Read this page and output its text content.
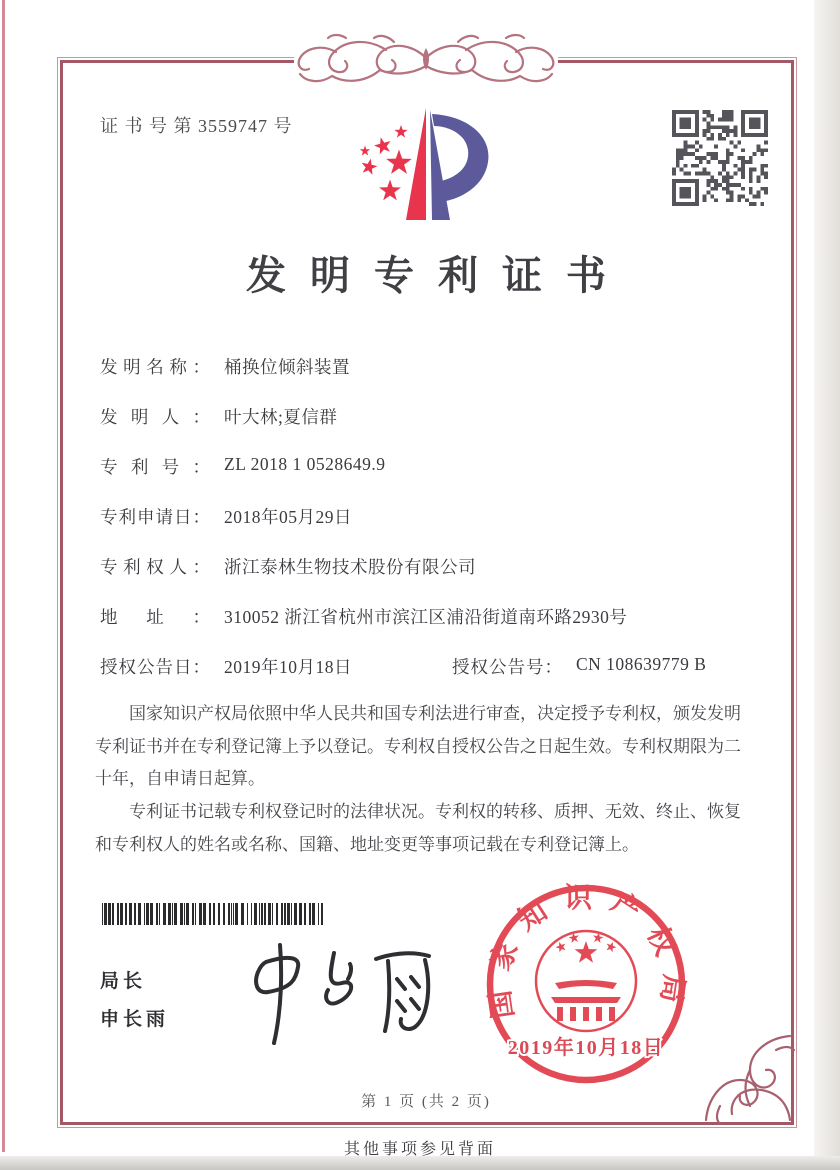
证 书 号 第 3559747 号
发明专利证书
发明名称： 桶换位倾斜装置
发明人： 叶大林;夏信群
专利号： ZL 2018 1 0528649.9
专利申请日： 2018年05月29日
专利权人： 浙江泰林生物技术股份有限公司
地址： 310052 浙江省杭州市滨江区浦沿街道南环路2930号
授权公告日： 2019年10月18日	授权公告号： CN 108639779 B

国家知识产权局依照中华人民共和国专利法进行审查，决定授予专利权，颁发发明专利证书并在专利登记簿上予以登记。专利权自授权公告之日起生效。专利权期限为二十年，自申请日起算。

专利证书记载专利权登记时的法律状况。专利权的转移、质押、无效、终止、恢复和专利权人的姓名或名称、国籍、地址变更等事项记载在专利登记簿上。

局长
申长雨	国家知识产权局
2019年10月18日
第 1 页 (共 2 页)
其他事项参见背面
